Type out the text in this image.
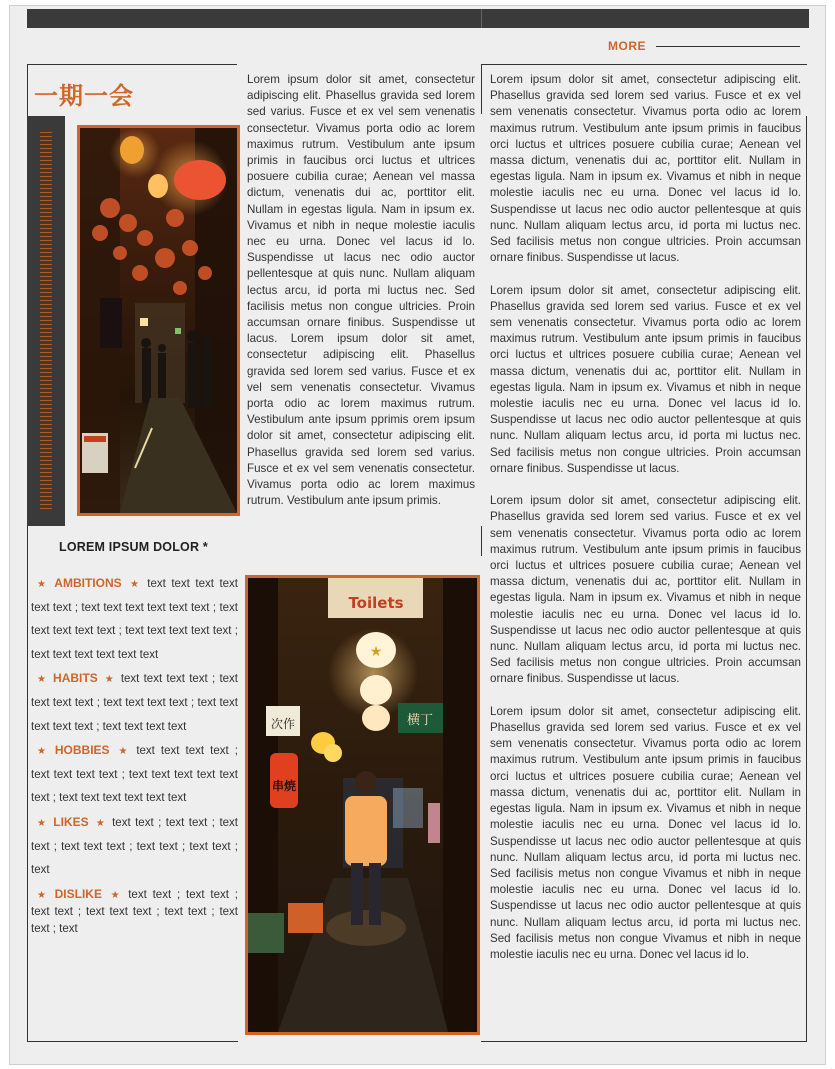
MORE
一期一会
LOREM IPSUM DOLOR *
★ AMBITIONS ★ text text text text text text ; text text text text text text ; text text text text text ; text text text text text ; text text text text text text
★ HABITS ★ text text text text ; text text text text ; text text text text ; text text text text text ; text text text text
★ HOBBIES ★ text text text text ; text text text text ; text text text text text text ; text text text text text text
★ LIKES ★ text text ; text text ; text text ; text text text ; text text ; text text ; text
★ DISLIKE ★ text text ; text text ; text text ; text text text ; text text ; text text ; text
Lorem ipsum dolor sit amet, consectetur adipiscing elit. Phasellus gravida sed lorem sed varius. Fusce et ex vel sem venenatis consectetur. Vivamus porta odio ac lorem maximus rutrum. Vestibulum ante ipsum primis in faucibus orci luctus et ultrices posuere cubilia curae; Aenean vel massa dictum, venenatis dui ac, porttitor elit. Nullam in egestas ligula. Nam in ipsum ex. Vivamus et nibh in neque molestie iaculis nec eu urna. Donec vel lacus id lo. Suspendisse ut lacus nec odio auctor pellentesque at quis nunc. Nullam aliquam lectus arcu, id porta mi luctus nec. Sed facilisis metus non congue ultricies. Proin accumsan ornare finibus. Suspendisse ut lacus. Lorem ipsum dolor sit amet, consectetur adipiscing elit. Phasellus gravida sed lorem sed varius. Fusce et ex vel sem venenatis consectetur. Vivamus porta odio ac lorem maximus rutrum. Vestibulum ante ipsum pprimis orem ipsum dolor sit amet, consectetur adipiscing elit. Phasellus gravida sed lorem sed varius. Fusce et ex vel sem venenatis consectetur. Vivamus porta odio ac lorem maximus rutrum. Vestibulum ante ipsum primis.
Toilets
★
次作
串焼
横丁

Lorem ipsum dolor sit amet, consectetur adipiscing elit. Phasellus gravida sed lorem sed varius. Fusce et ex vel sem venenatis consectetur. Vivamus porta odio ac lorem maximus rutrum. Vestibulum ante ipsum primis in faucibus orci luctus et ultrices posuere cubilia curae; Aenean vel massa dictum, venenatis dui ac, porttitor elit. Nullam in egestas ligula. Nam in ipsum ex. Vivamus et nibh in neque molestie iaculis nec eu urna. Donec vel lacus id lo. Suspendisse ut lacus nec odio auctor pellentesque at quis nunc. Nullam aliquam lectus arcu, id porta mi luctus nec. Sed facilisis metus non congue ultricies. Proin accumsan ornare finibus. Suspendisse ut lacus.

Lorem ipsum dolor sit amet, consectetur adipiscing elit. Phasellus gravida sed lorem sed varius. Fusce et ex vel sem venenatis consectetur. Vivamus porta odio ac lorem maximus rutrum. Vestibulum ante ipsum primis in faucibus orci luctus et ultrices posuere cubilia curae; Aenean vel massa dictum, venenatis dui ac, porttitor elit. Nullam in egestas ligula. Nam in ipsum ex. Vivamus et nibh in neque molestie iaculis nec eu urna. Donec vel lacus id lo. Suspendisse ut lacus nec odio auctor pellentesque at quis nunc. Nullam aliquam lectus arcu, id porta mi luctus nec. Sed facilisis metus non congue ultricies. Proin accumsan ornare finibus. Suspendisse ut lacus.

Lorem ipsum dolor sit amet, consectetur adipiscing elit. Phasellus gravida sed lorem sed varius. Fusce et ex vel sem venenatis consectetur. Vivamus porta odio ac lorem maximus rutrum. Vestibulum ante ipsum primis in faucibus orci luctus et ultrices posuere cubilia curae; Aenean vel massa dictum, venenatis dui ac, porttitor elit. Nullam in egestas ligula. Nam in ipsum ex. Vivamus et nibh in neque molestie iaculis nec eu urna. Donec vel lacus id lo. Suspendisse ut lacus nec odio auctor pellentesque at quis nunc. Nullam aliquam lectus arcu, id porta mi luctus nec. Sed facilisis metus non congue ultricies. Proin accumsan ornare finibus. Suspendisse ut lacus.

Lorem ipsum dolor sit amet, consectetur adipiscing elit. Phasellus gravida sed lorem sed varius. Fusce et ex vel sem venenatis consectetur. Vivamus porta odio ac lorem maximus rutrum. Vestibulum ante ipsum primis in faucibus orci luctus et ultrices posuere cubilia curae; Aenean vel massa dictum, venenatis dui ac, porttitor elit. Nullam in egestas ligula. Nam in ipsum ex. Vivamus et nibh in neque molestie iaculis nec eu urna. Donec vel lacus id lo. Suspendisse ut lacus nec odio auctor pellentesque at quis nunc. Nullam aliquam lectus arcu, id porta mi luctus nec. Sed facilisis metus non congue Vivamus et nibh in neque molestie iaculis nec eu urna. Donec vel lacus id lo. Suspendisse ut lacus nec odio auctor pellentesque at quis nunc. Nullam aliquam lectus arcu, id porta mi luctus nec. Sed facilisis metus non congue Vivamus et nibh in neque molestie iaculis nec eu urna. Donec vel lacus id lo.
